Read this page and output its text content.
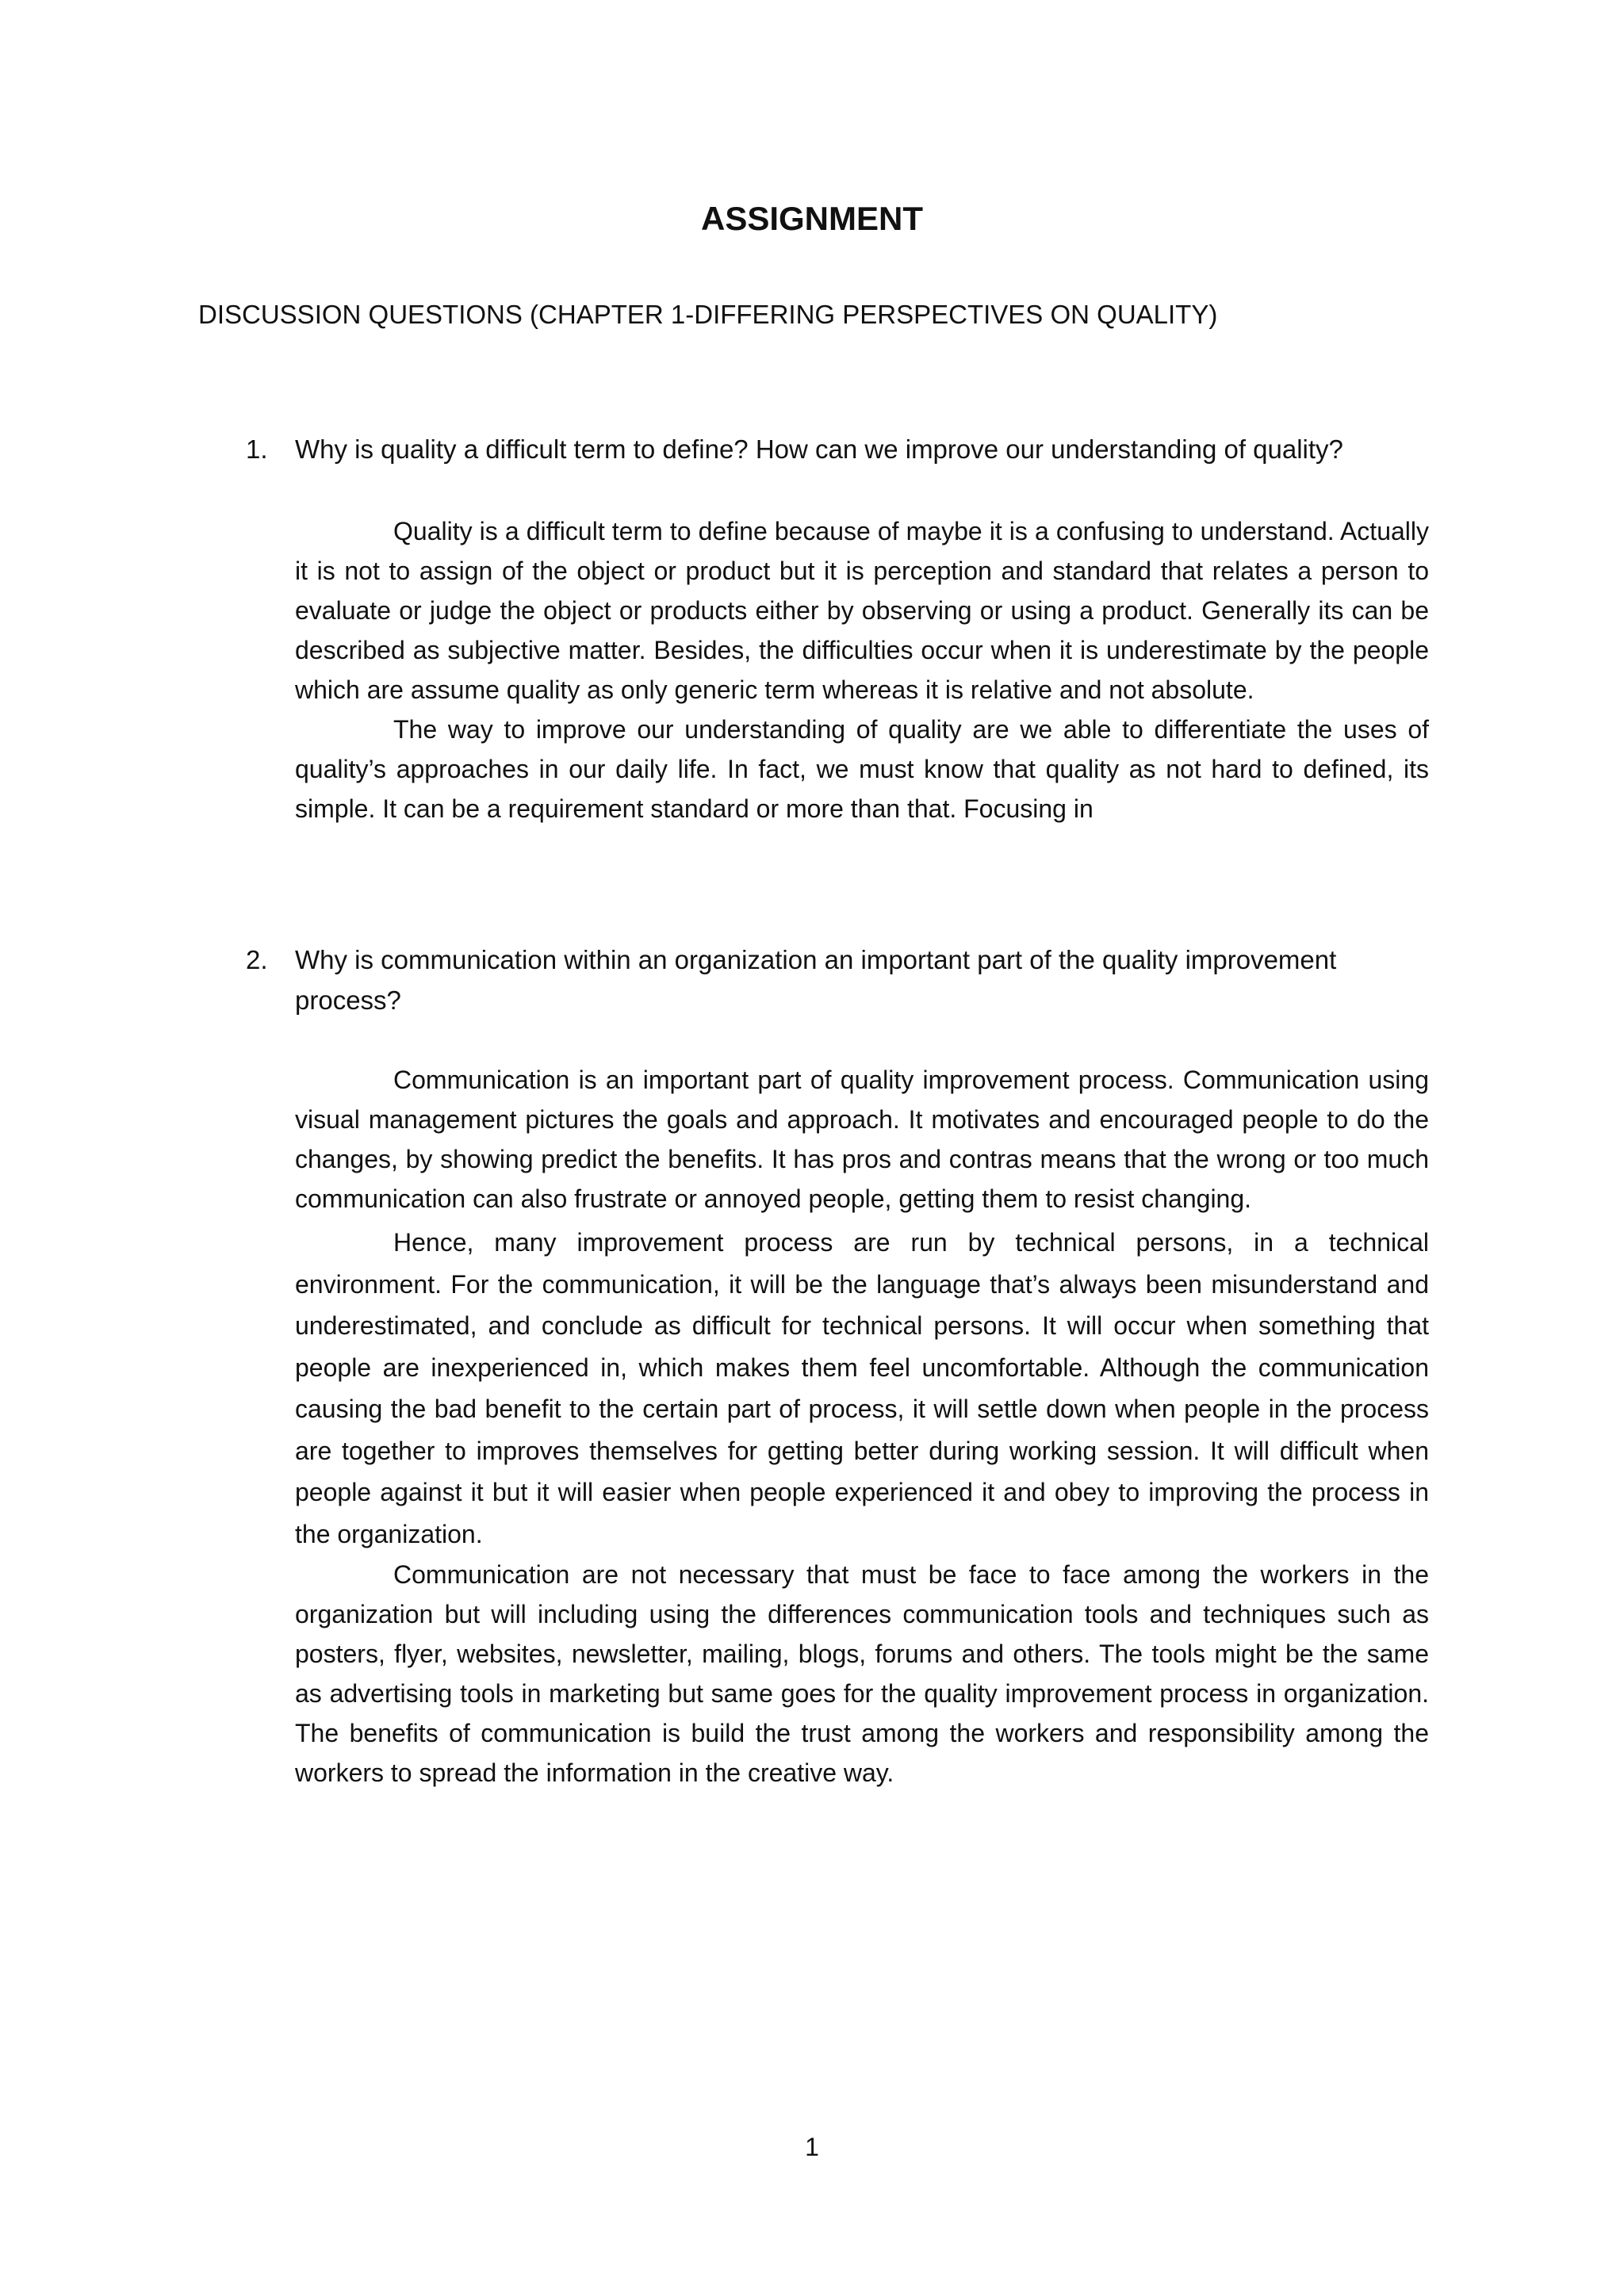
ASSIGNMENT

DISCUSSION QUESTIONS (CHAPTER 1-DIFFERING PERSPECTIVES ON QUALITY)

1. Why is quality a difficult term to define? How can we improve our understanding of quality?

Quality is a difficult term to define because of maybe it is a confusing to understand. Actually it is not to assign of the object or product but it is perception and standard that relates a person to evaluate or judge the object or products either by observing or using a product. Generally its can be described as subjective matter. Besides, the difficulties occur when it is underestimate by the people which are assume quality as only generic term whereas it is relative and not absolute.

The way to improve our understanding of quality are we able to differentiate the uses of quality’s approaches in our daily life. In fact, we must know that quality as not hard to defined, its simple. It can be a requirement standard or more than that. Focusing in

2. Why is communication within an organization an important part of the quality improvement process?

Communication is an important part of quality improvement process. Communication using visual management pictures the goals and approach. It motivates and encouraged people to do the changes, by showing predict the benefits. It has pros and contras means that the wrong or too much communication can also frustrate or annoyed people, getting them to resist changing.

Hence, many improvement process are run by technical persons, in a technical environment. For the communication, it will be the language that’s always been misunderstand and underestimated, and conclude as difficult for technical persons. It will occur when something that people are inexperienced in, which makes them feel uncomfortable. Although the communication causing the bad benefit to the certain part of process, it will settle down when people in the process are together to improves themselves for getting better during working session. It will difficult when people against it but it will easier when people experienced it and obey to improving the process in the organization.

Communication are not necessary that must be face to face among the workers in the organization but will including using the differences communication tools and techniques such as posters, flyer, websites, newsletter, mailing, blogs, forums and others. The tools might be the same as advertising tools in marketing but same goes for the quality improvement process in organization. The benefits of communication is build the trust among the workers and responsibility among the workers to spread the information in the creative way.

1
